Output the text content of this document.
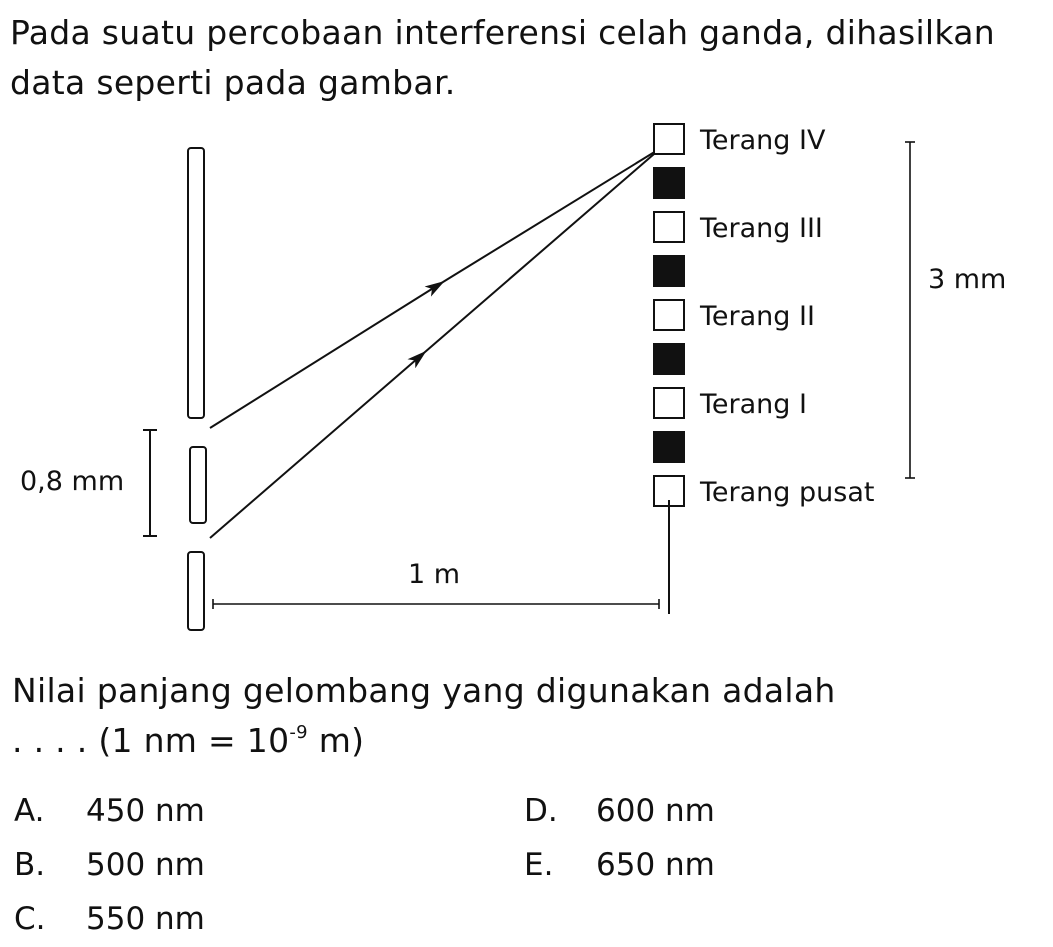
Pada suatu percobaan interferensi celah ganda, dihasilkan data seperti pada gambar.
0,8 mm
Terang IV
Terang III
Terang II
Terang I
Terang pusat
1 m
3 mm
Nilai panjang gelombang yang digunakan adalah
. . . . (1 nm = $10^{-9}$ m)
A. 450 nm
B. 500 nm
C. 550 nm
D. 600 nm
E. 650 nm
